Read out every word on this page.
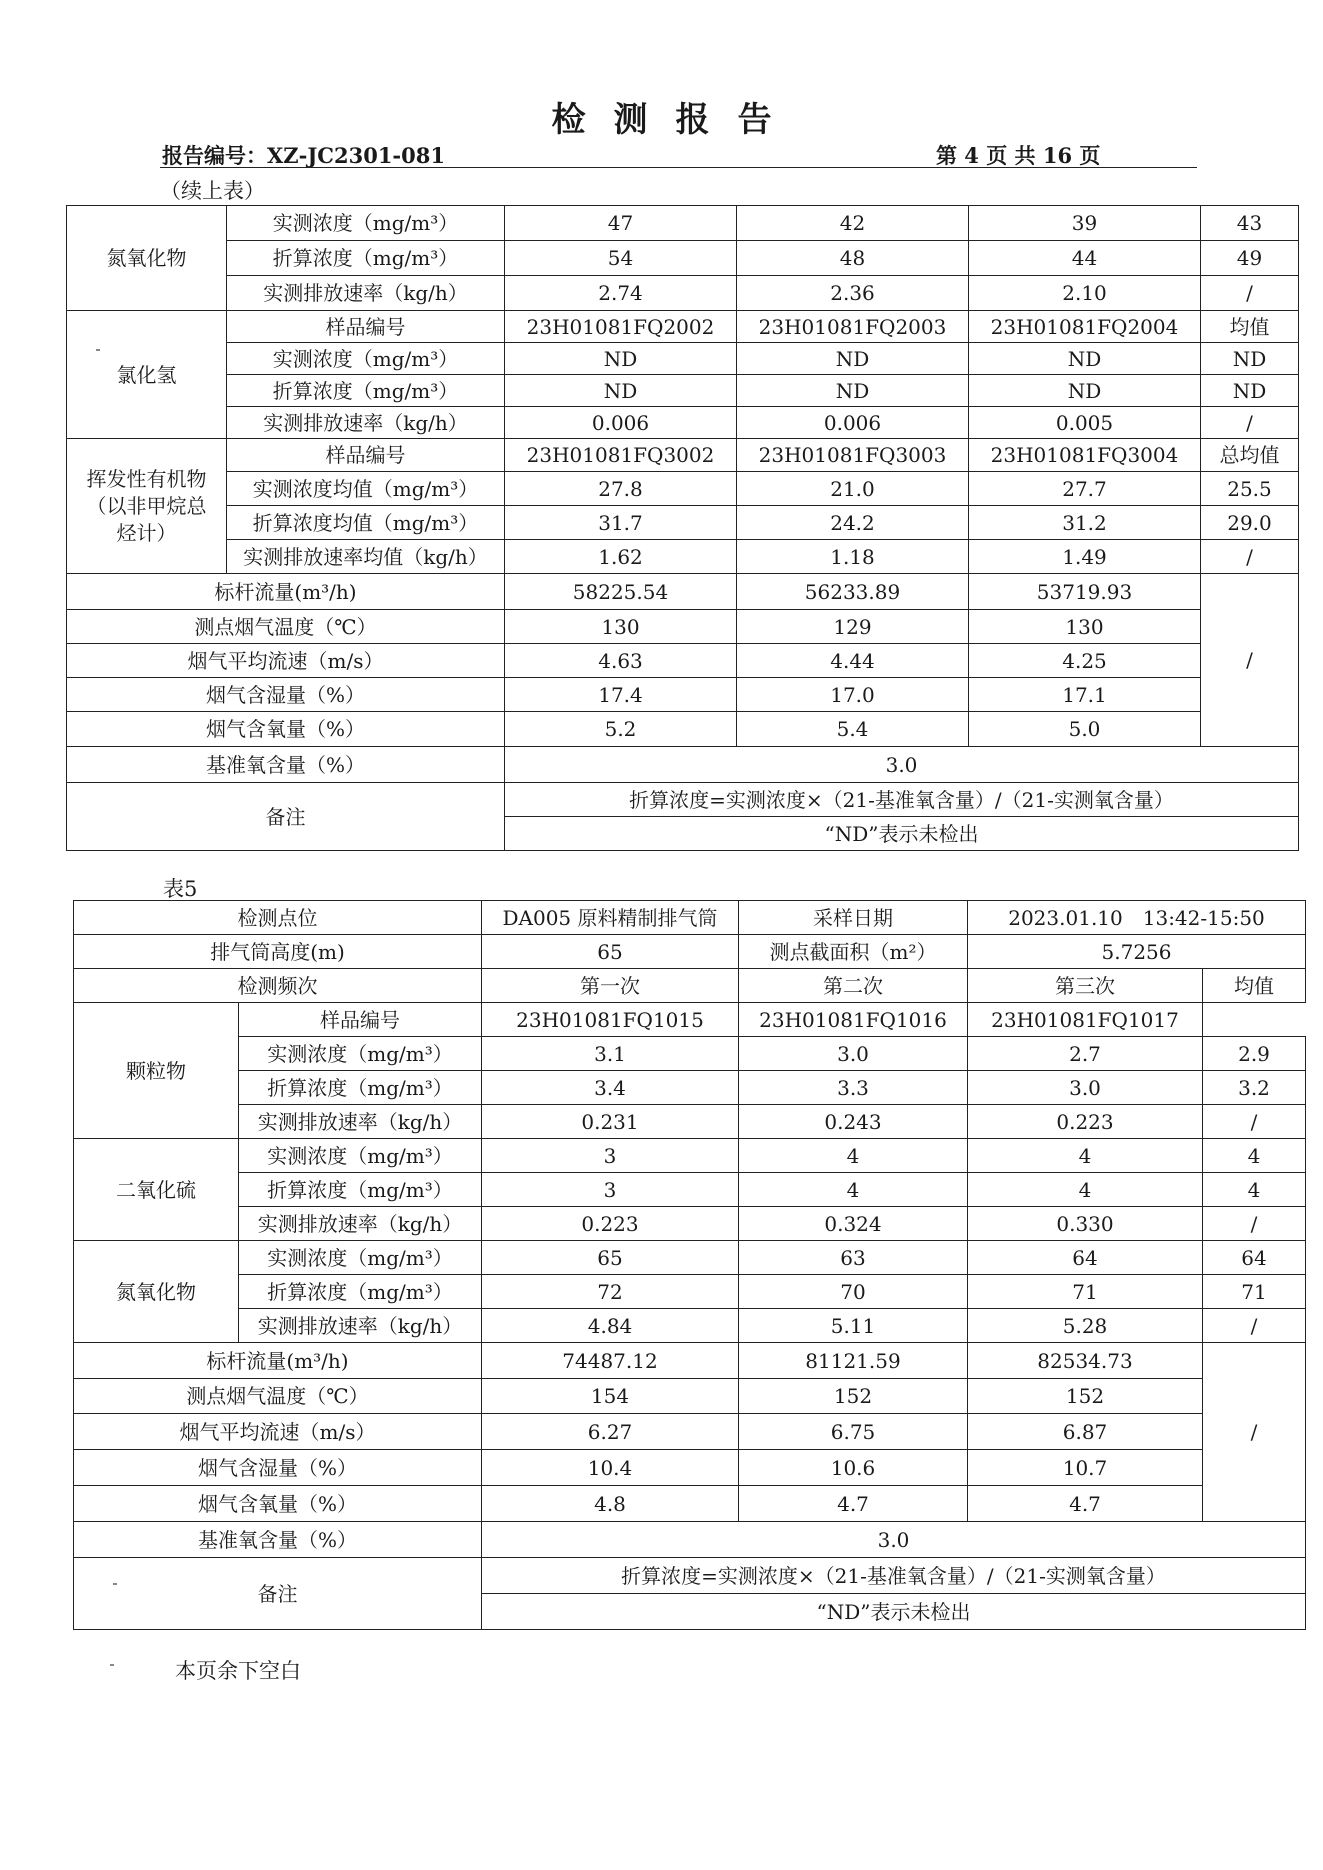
检 测 报 告
报告编号：XZ-JC2301-081	第 4 页 共 16 页
（续上表）
氮氧化物	实测浓度（mg/m³）	47	42	39	43
	折算浓度（mg/m³）	54	48	44	49
	实测排放速率（kg/h）	2.74	2.36	2.10	/
氯化氢	样品编号	23H01081FQ2002	23H01081FQ2003	23H01081FQ2004	均值
	实测浓度（mg/m³）	ND	ND	ND	ND
	折算浓度（mg/m³）	ND	ND	ND	ND
	实测排放速率（kg/h）	0.006	0.006	0.005	/
挥发性有机物（以非甲烷总烃计）	样品编号	23H01081FQ3002	23H01081FQ3003	23H01081FQ3004	总均值
	实测浓度均值（mg/m³）	27.8	21.0	27.7	25.5
	折算浓度均值（mg/m³）	31.7	24.2	31.2	29.0
	实测排放速率均值（kg/h）	1.62	1.18	1.49	/
标杆流量(m³/h)		58225.54	56233.89	53719.93	/
测点烟气温度（℃）		130	129	130	
烟气平均流速（m/s）		4.63	4.44	4.25	
烟气含湿量（%）		17.4	17.0	17.1	
烟气含氧量（%）		5.2	5.4	5.0	
基准氧含量（%）		3.0			
备注		折算浓度=实测浓度×（21-基准氧含量）/（21-实测氧含量）			
		“ND”表示未检出			
表5
检测点位		DA005 原料精制排气筒	采样日期	2023.01.10　13:42-15:50	
排气筒高度(m)		65	测点截面积（m²）	5.7256	
检测频次		第一次	第二次	第三次	均值
颗粒物	样品编号	23H01081FQ1015	23H01081FQ1016	23H01081FQ1017	
	实测浓度（mg/m³）	3.1	3.0	2.7	2.9
	折算浓度（mg/m³）	3.4	3.3	3.0	3.2
	实测排放速率（kg/h）	0.231	0.243	0.223	/
二氧化硫	实测浓度（mg/m³）	3	4	4	4
	折算浓度（mg/m³）	3	4	4	4
	实测排放速率（kg/h）	0.223	0.324	0.330	/
氮氧化物	实测浓度（mg/m³）	65	63	64	64
	折算浓度（mg/m³）	72	70	71	71
	实测排放速率（kg/h）	4.84	5.11	5.28	/
标杆流量(m³/h)		74487.12	81121.59	82534.73	/
测点烟气温度（℃）		154	152	152	
烟气平均流速（m/s）		6.27	6.75	6.87	
烟气含湿量（%）		10.4	10.6	10.7	
烟气含氧量（%）		4.8	4.7	4.7	
基准氧含量（%）		3.0			
备注		折算浓度=实测浓度×（21-基准氧含量）/（21-实测氧含量）			
		“ND”表示未检出			
本页余下空白
